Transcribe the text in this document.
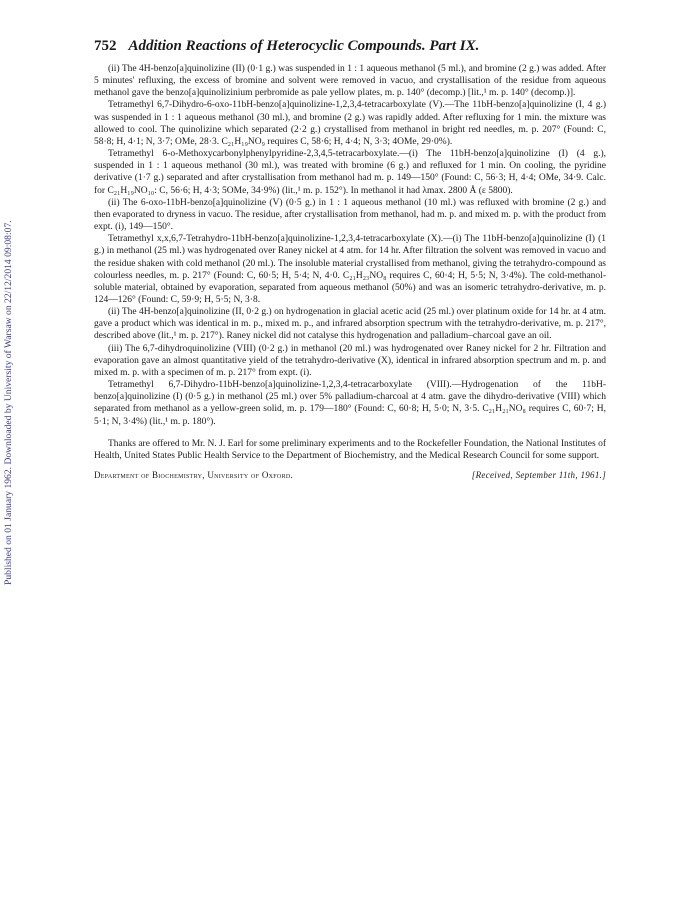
Published on 01 January 1962. Downloaded by University of Warsaw on 22/12/2014 09:08:07.
752 Addition Reactions of Heterocyclic Compounds. Part IX.

(ii) The 4H-benzo[a]quinolizine (II) (0·1 g.) was suspended in 1 : 1 aqueous methanol (5 ml.), and bromine (2 g.) was added. After 5 minutes' refluxing, the excess of bromine and solvent were removed in vacuo, and crystallisation of the residue from aqueous methanol gave the benzo[a]quinolizinium perbromide as pale yellow plates, m. p. 140° (decomp.) [lit.,¹ m. p. 140° (decomp.)].

Tetramethyl 6,7-Dihydro-6-oxo-11bH-benzo[a]quinolizine-1,2,3,4-tetracarboxylate (V).—The 11bH-benzo[a]quinolizine (I, 4 g.) was suspended in 1 : 1 aqueous methanol (30 ml.), and bromine (2 g.) was rapidly added. After refluxing for 1 min. the mixture was allowed to cool. The quinolizine which separated (2·2 g.) crystallised from methanol in bright red needles, m. p. 207° (Found: C, 58·8; H, 4·1; N, 3·7; OMe, 28·3. C₂₁H₁₉NO₉ requires C, 58·6; H, 4·4; N, 3·3; 4OMe, 29·0%).

Tetramethyl 6-o-Methoxycarbonylphenylpyridine-2,3,4,5-tetracarboxylate.—(i) The 11bH-benzo[a]quinolizine (I) (4 g.), suspended in 1 : 1 aqueous methanol (30 ml.), was treated with bromine (6 g.) and refluxed for 1 min. On cooling, the pyridine derivative (1·7 g.) separated and after crystallisation from methanol had m. p. 149—150° (Found: C, 56·3; H, 4·4; OMe, 34·9. Calc. for C₂₁H₁₉NO₁₀: C, 56·6; H, 4·3; 5OMe, 34·9%) (lit.,¹ m. p. 152°). In methanol it had λmax. 2800 Å (ε 5800).

(ii) The 6-oxo-11bH-benzo[a]quinolizine (V) (0·5 g.) in 1 : 1 aqueous methanol (10 ml.) was refluxed with bromine (2 g.) and then evaporated to dryness in vacuo. The residue, after crystallisation from methanol, had m. p. and mixed m. p. with the product from expt. (i), 149—150°.

Tetramethyl x,x,6,7-Tetrahydro-11bH-benzo[a]quinolizine-1,2,3,4-tetracarboxylate (X).—(i) The 11bH-benzo[a]quinolizine (I) (1 g.) in methanol (25 ml.) was hydrogenated over Raney nickel at 4 atm. for 14 hr. After filtration the solvent was removed in vacuo and the residue shaken with cold methanol (20 ml.). The insoluble material crystallised from methanol, giving the tetrahydro-compound as colourless needles, m. p. 217° (Found: C, 60·5; H, 5·4; N, 4·0. C₂₁H₂₃NO₈ requires C, 60·4; H, 5·5; N, 3·4%). The cold-methanol-soluble material, obtained by evaporation, separated from aqueous methanol (50%) and was an isomeric tetrahydro-derivative, m. p. 124—126° (Found: C, 59·9; H, 5·5; N, 3·8.

(ii) The 4H-benzo[a]quinolizine (II, 0·2 g.) on hydrogenation in glacial acetic acid (25 ml.) over platinum oxide for 14 hr. at 4 atm. gave a product which was identical in m. p., mixed m. p., and infrared absorption spectrum with the tetrahydro-derivative, m. p. 217°, described above (lit.,¹ m. p. 217°). Raney nickel did not catalyse this hydrogenation and palladium–charcoal gave an oil.

(iii) The 6,7-dihydroquinolizine (VIII) (0·2 g.) in methanol (20 ml.) was hydrogenated over Raney nickel for 2 hr. Filtration and evaporation gave an almost quantitative yield of the tetrahydro-derivative (X), identical in infrared absorption spectrum and m. p. and mixed m. p. with a specimen of m. p. 217° from expt. (i).

Tetramethyl 6,7-Dihydro-11bH-benzo[a]quinolizine-1,2,3,4-tetracarboxylate (VIII).—Hydrogenation of the 11bH-benzo[a]quinolizine (I) (0·5 g.) in methanol (25 ml.) over 5% palladium-charcoal at 4 atm. gave the dihydro-derivative (VIII) which separated from methanol as a yellow-green solid, m. p. 179—180° (Found: C, 60·8; H, 5·0; N, 3·5. C₂₁H₂₁NO₈ requires C, 60·7; H, 5·1; N, 3·4%) (lit.,¹ m. p. 180°).

Thanks are offered to Mr. N. J. Earl for some preliminary experiments and to the Rockefeller Foundation, the National Institutes of Health, United States Public Health Service to the Department of Biochemistry, and the Medical Research Council for some support.

Department of Biochemistry, University of Oxford.	[Received, September 11th, 1961.]
